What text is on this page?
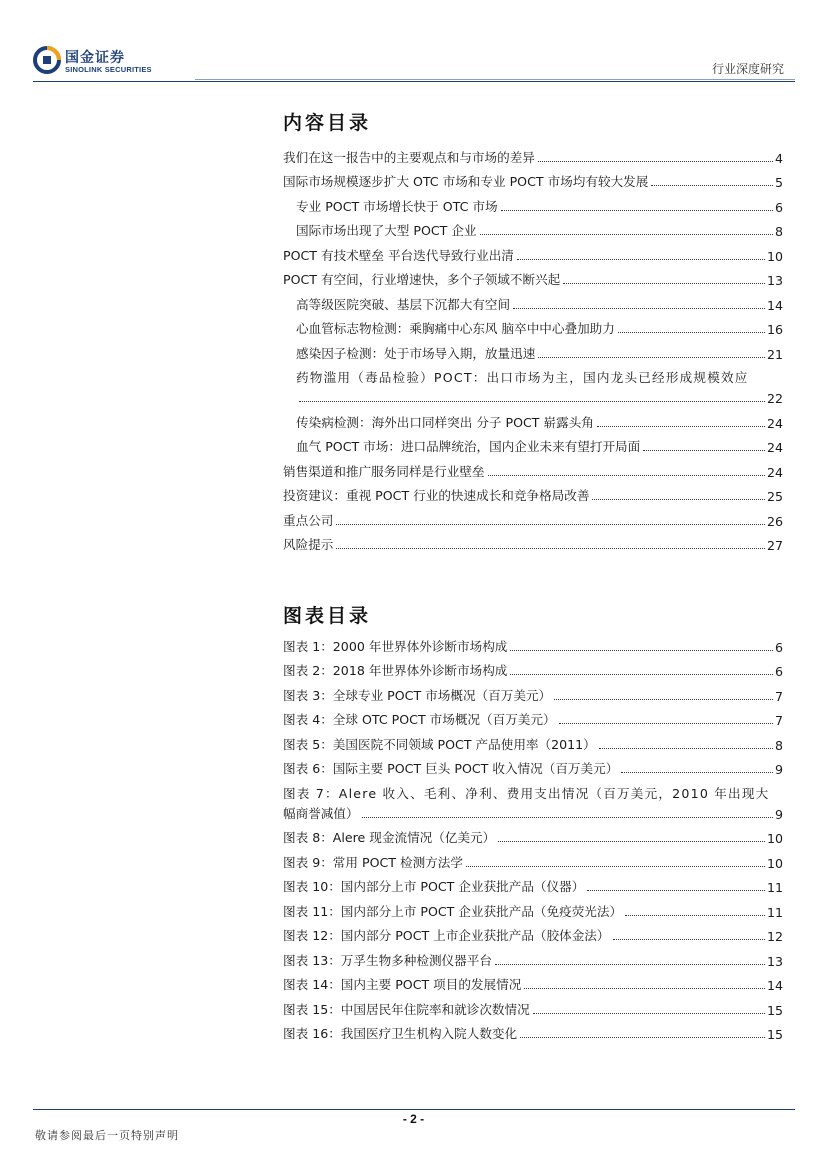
国金证券
SINOLINK SECURITIES	行业深度研究
内容目录
我们在这一报告中的主要观点和与市场的差异	4
国际市场规模逐步扩大 OTC 市场和专业 POCT 市场均有较大发展	5
专业 POCT 市场增长快于 OTC 市场	6
国际市场出现了大型 POCT 企业	8
POCT 有技术壁垒 平台迭代导致行业出清	10
POCT 有空间，行业增速快，多个子领域不断兴起	13
高等级医院突破、基层下沉都大有空间	14
心血管标志物检测：乘胸痛中心东风 脑卒中中心叠加助力	16
感染因子检测：处于市场导入期，放量迅速	21
药物滥用（毒品检验）POCT：出口市场为主，国内龙头已经形成规模效应
22
传染病检测：海外出口同样突出 分子 POCT 崭露头角	24
血气 POCT 市场：进口品牌统治，国内企业未来有望打开局面	24
销售渠道和推广服务同样是行业壁垒	24
投资建议：重视 POCT 行业的快速成长和竞争格局改善	25
重点公司	26
风险提示	27
图表目录
图表 1：2000 年世界体外诊断市场构成	6
图表 2：2018 年世界体外诊断市场构成	6
图表 3：全球专业 POCT 市场概况（百万美元）	7
图表 4：全球 OTC POCT 市场概况（百万美元）	7
图表 5：美国医院不同领域 POCT 产品使用率（2011）	8
图表 6：国际主要 POCT 巨头 POCT 收入情况（百万美元）	9
图表 7：Alere 收入、毛利、净利、费用支出情况（百万美元，2010 年出现大
幅商誉减值）	9
图表 8：Alere 现金流情况（亿美元）	10
图表 9：常用 POCT 检测方法学	10
图表 10：国内部分上市 POCT 企业获批产品（仪器）	11
图表 11：国内部分上市 POCT 企业获批产品（免疫荧光法）	11
图表 12：国内部分 POCT 上市企业获批产品（胶体金法）	12
图表 13：万孚生物多种检测仪器平台	13
图表 14：国内主要 POCT 项目的发展情况	14
图表 15：中国居民年住院率和就诊次数情况	15
图表 16：我国医疗卫生机构入院人数变化	15
- 2 -
敬请参阅最后一页特别声明
